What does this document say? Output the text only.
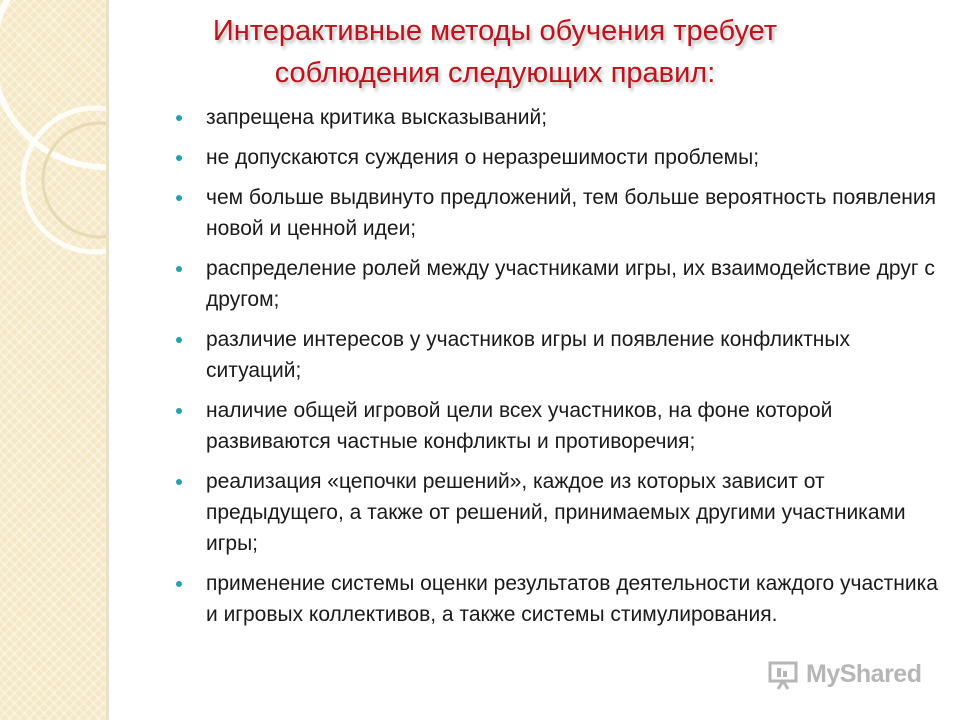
Интерактивные методы обучения требует
соблюдения следующих правил:
запрещена критика высказываний;
не допускаются суждения о неразрешимости проблемы;
чем больше выдвинуто предложений, тем больше вероятность появления новой и ценной идеи;
распределение ролей между участниками игры, их взаимодействие друг с другом;
различие интересов у участников игры и появление конфликтных ситуаций;
наличие общей игровой цели всех участников, на фоне которой развиваются частные конфликты и противоречия;
реализация «цепочки решений», каждое из которых зависит от предыдущего, а также от решений, принимаемых другими участниками игры;
применение системы оценки результатов деятельности каждого участника и игровых коллективов, а также системы стимулирования.
MyShared
